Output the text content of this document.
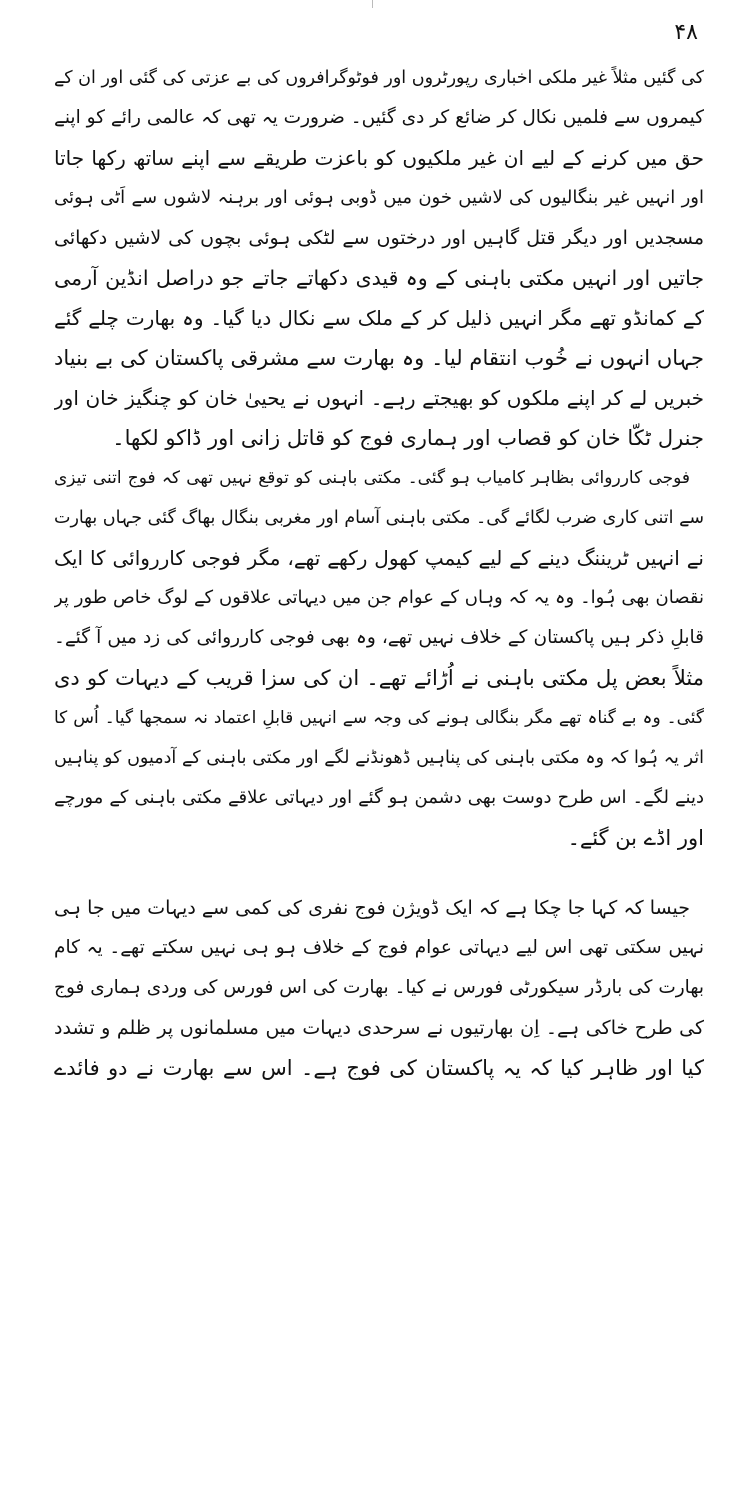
۴۸
کی گئیں مثلاً غیر ملکی اخباری رپورٹروں اور فوٹوگرافروں کی بے عزتی کی گئی اور ان کے
کیمروں سے فلمیں نکال کر ضائع کر دی گئیں۔ ضرورت یہ تھی کہ عالمی رائے کو اپنے
حق میں کرنے کے لیے ان غیر ملکیوں کو باعزت طریقے سے اپنے ساتھ رکھا جاتا
اور انہیں غیر بنگالیوں کی لاشیں خون میں ڈوبی ہوئی اور برہنہ لاشوں سے اَٹی ہوئی
مسجدیں اور دیگر قتل گاہیں اور درختوں سے لٹکی ہوئی بچوں کی لاشیں دکھائی
جاتیں اور انہیں مکتی باہنی کے وہ قیدی دکھاتے جاتے جو دراصل انڈین آرمی
کے کمانڈو تھے مگر انہیں ذلیل کر کے ملک سے نکال دیا گیا۔ وہ بھارت چلے گئے
جہاں انہوں نے خُوب انتقام لیا۔ وہ بھارت سے مشرقی پاکستان کی بے بنیاد
خبریں لے کر اپنے ملکوں کو بھیجتے رہے۔ انہوں نے یحییٰ خان کو چنگیز خان اور
جنرل ٹکّا خان کو قصاب اور ہماری فوج کو قاتل زانی اور ڈاکو لکھا۔
فوجی کارروائی بظاہر کامیاب ہو گئی۔ مکتی باہنی کو توقع نہیں تھی کہ فوج اتنی تیزی
سے اتنی کاری ضرب لگائے گی۔ مکتی باہنی آسام اور مغربی بنگال بھاگ گئی جہاں بھارت
نے انہیں ٹریننگ دینے کے لیے کیمپ کھول رکھے تھے، مگر فوجی کارروائی کا ایک
نقصان بھی ہُوا۔ وہ یہ کہ وہاں کے عوام جن میں دیہاتی علاقوں کے لوگ خاص طور پر
قابلِ ذکر ہیں پاکستان کے خلاف نہیں تھے، وہ بھی فوجی کارروائی کی زد میں آ گئے۔
مثلاً بعض پل مکتی باہنی نے اُڑائے تھے۔ ان کی سزا قریب کے دیہات کو دی
گئی۔ وہ بے گناہ تھے مگر بنگالی ہونے کی وجہ سے انہیں قابلِ اعتماد نہ سمجھا گیا۔ اُس کا
اثر یہ ہُوا کہ وہ مکتی باہنی کی پناہیں ڈھونڈنے لگے اور مکتی باہنی کے آدمیوں کو پناہیں
دینے لگے۔ اس طرح دوست بھی دشمن ہو گئے اور دیہاتی علاقے مکتی باہنی کے مورچے
اور اڈے بن گئے۔
جیسا کہ کہا جا چکا ہے کہ ایک ڈویژن فوج نفری کی کمی سے دیہات میں جا ہی
نہیں سکتی تھی اس لیے دیہاتی عوام فوج کے خلاف ہو ہی نہیں سکتے تھے۔ یہ کام
بھارت کی بارڈر سیکورٹی فورس نے کیا۔ بھارت کی اس فورس کی وردی ہماری فوج
کی طرح خاکی ہے۔ اِن بھارتیوں نے سرحدی دیہات میں مسلمانوں پر ظلم و تشدد
کیا اور ظاہر کیا کہ یہ پاکستان کی فوج ہے۔ اس سے بھارت نے دو فائدے
